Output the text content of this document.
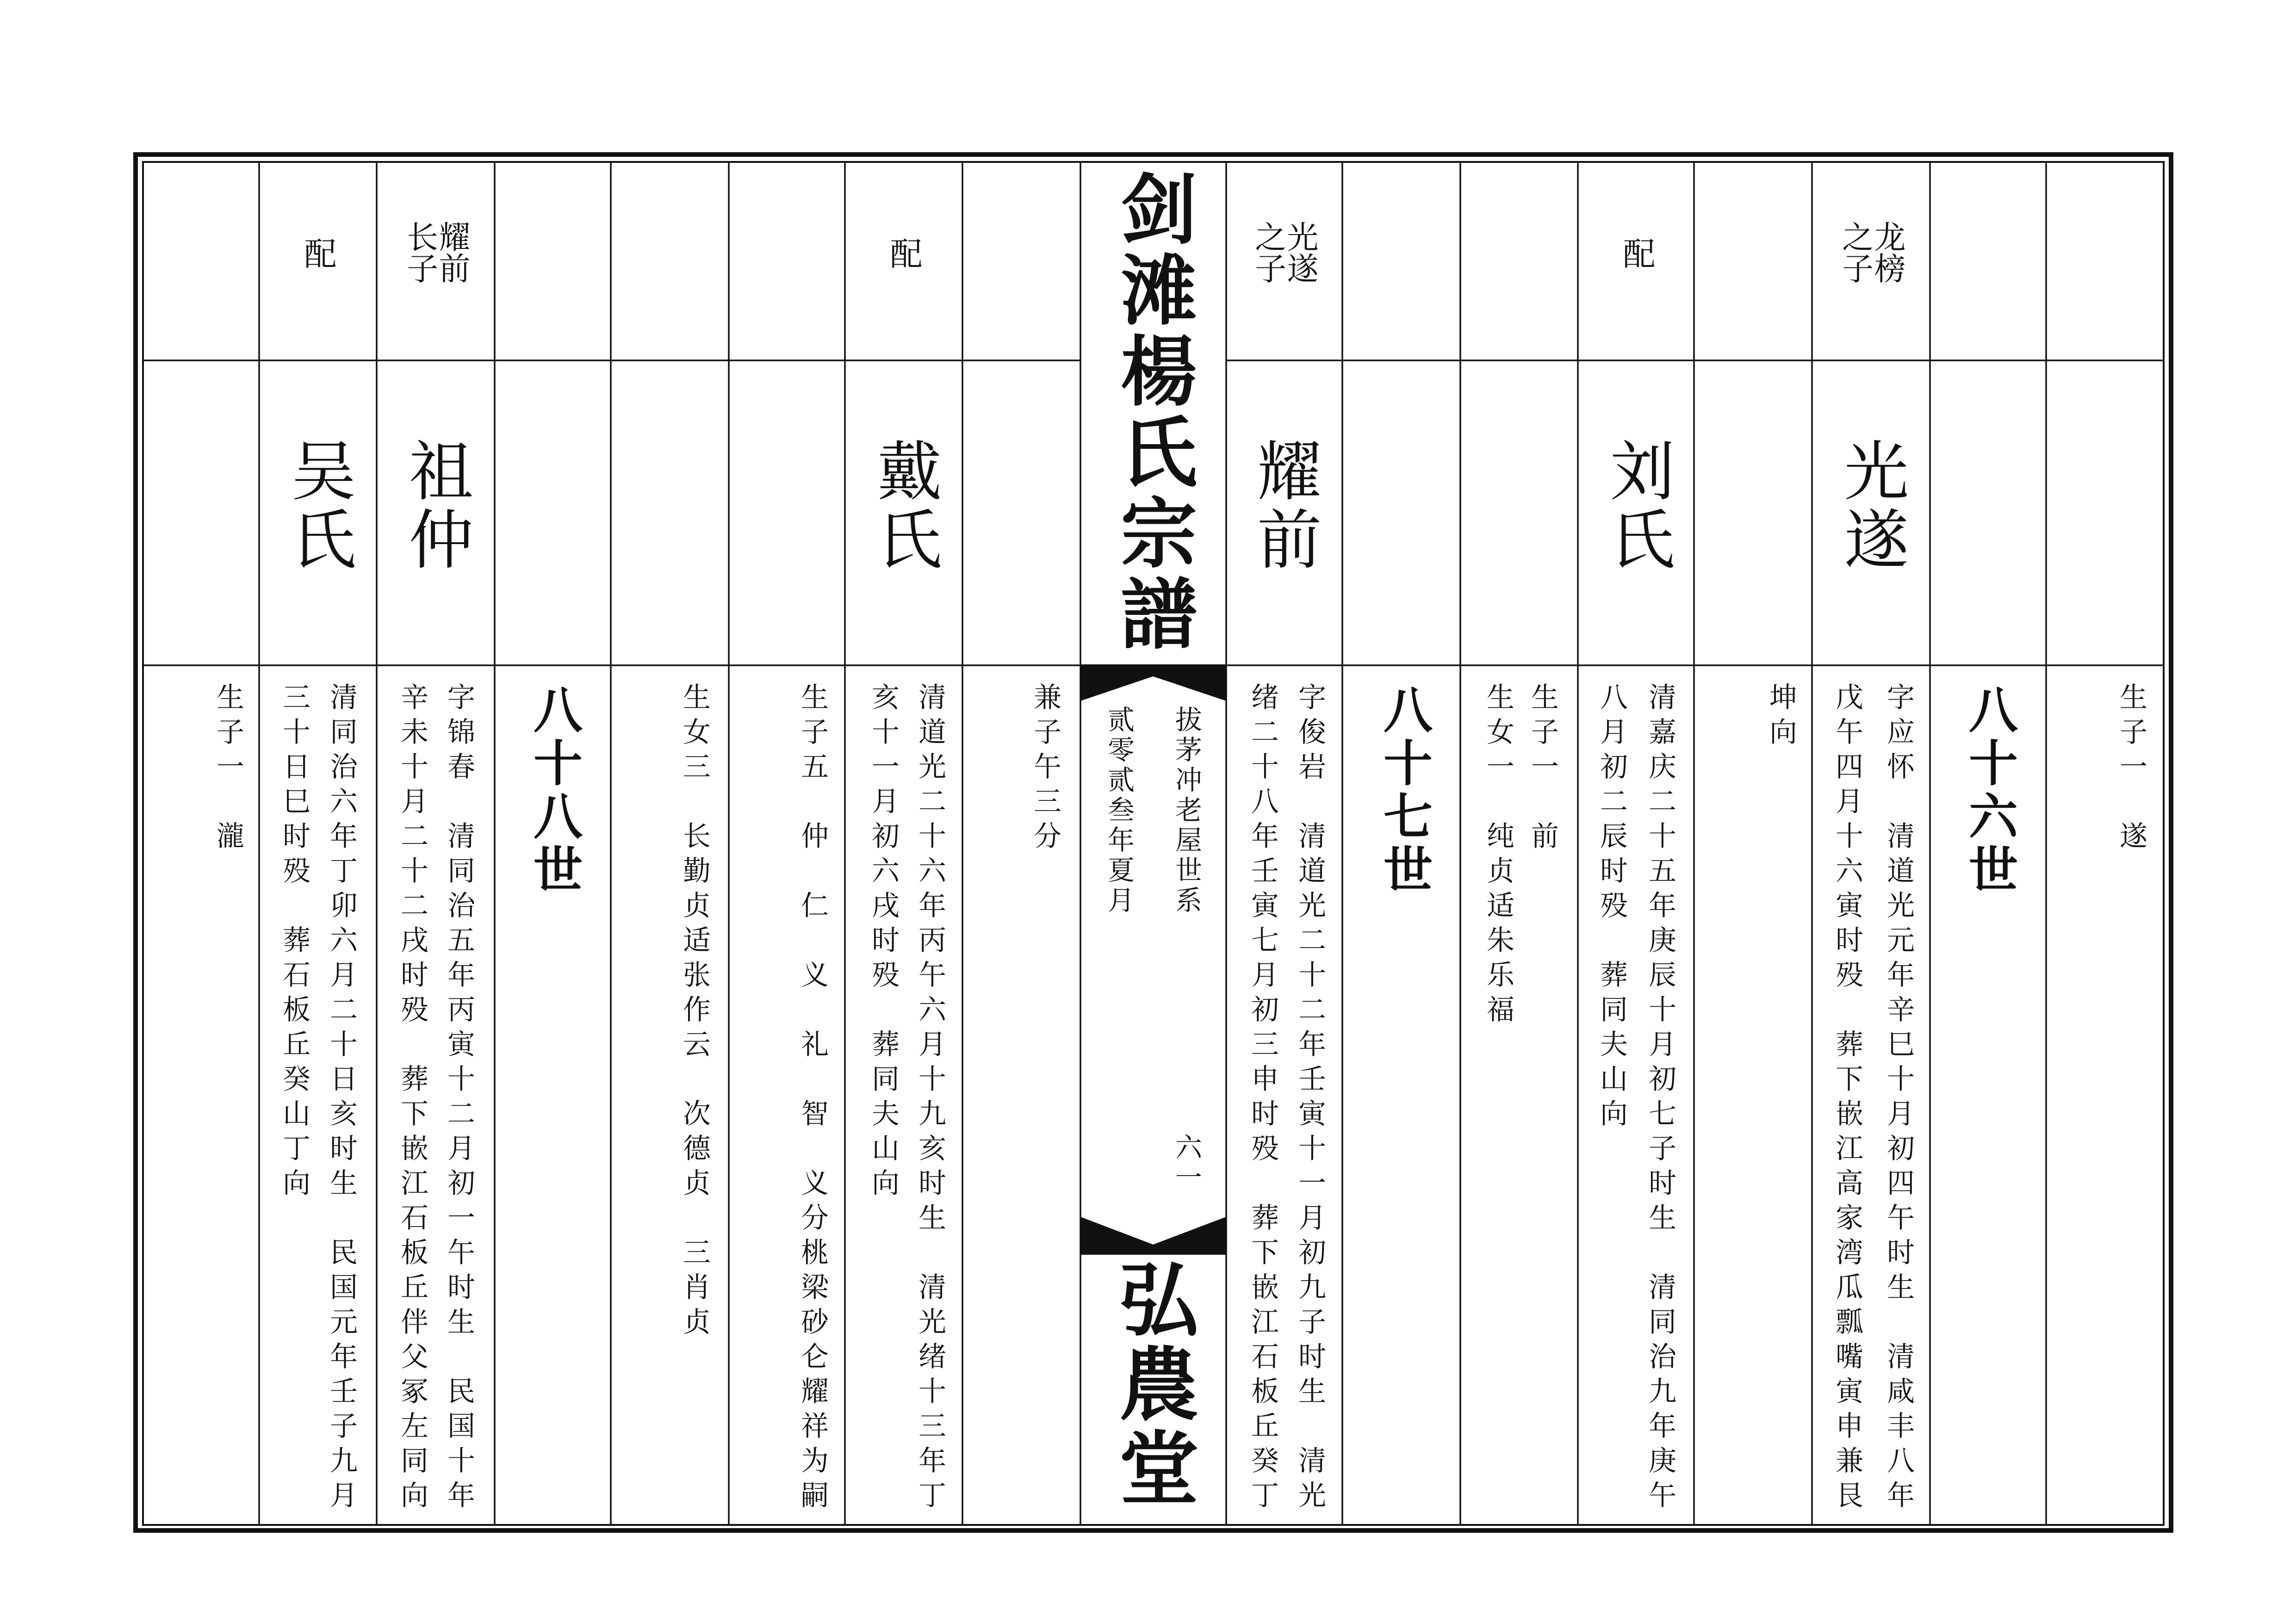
剑滩楊氏宗譜
拔茅冲老屋世系
六一
贰零贰叁年夏月
弘農堂
生子一　遂
八十六世
龙榜之子
光遂
字应怀　清道光元年辛巳十月初四午时生　清咸丰八年
戊午四月十六寅时殁　葬下嵌江高家湾瓜瓢嘴寅申兼艮
坤向
配
刘氏
清嘉庆二十五年庚辰十月初七子时生　清同治九年庚午
八月初二辰时殁　葬同夫山向
生子一　前
生女一　纯贞适朱乐福
八十七世
光遂之子
耀前
字俊岩　清道光二十二年壬寅十一月初九子时生　清光
绪二十八年壬寅七月初三申时殁　葬下嵌江石板丘癸丁
兼子午三分
配
戴氏
清道光二十六年丙午六月十九亥时生　清光绪十三年丁
亥十一月初六戌时殁　葬同夫山向
生子五　仲　仁　义　礼　智　义分桃梁砂仑耀祥为嗣
生女三　长勤贞适张作云　次德贞　三肖贞
八十八世
耀前长子
祖仲
字锦春　清同治五年丙寅十二月初一午时生　民国十年
辛未十月二十二戌时殁　葬下嵌江石板丘伴父冢左同向
配
吴氏
清同治六年丁卯六月二十日亥时生　民国元年壬子九月
三十日巳时殁　葬石板丘癸山丁向
生子一　瀧
